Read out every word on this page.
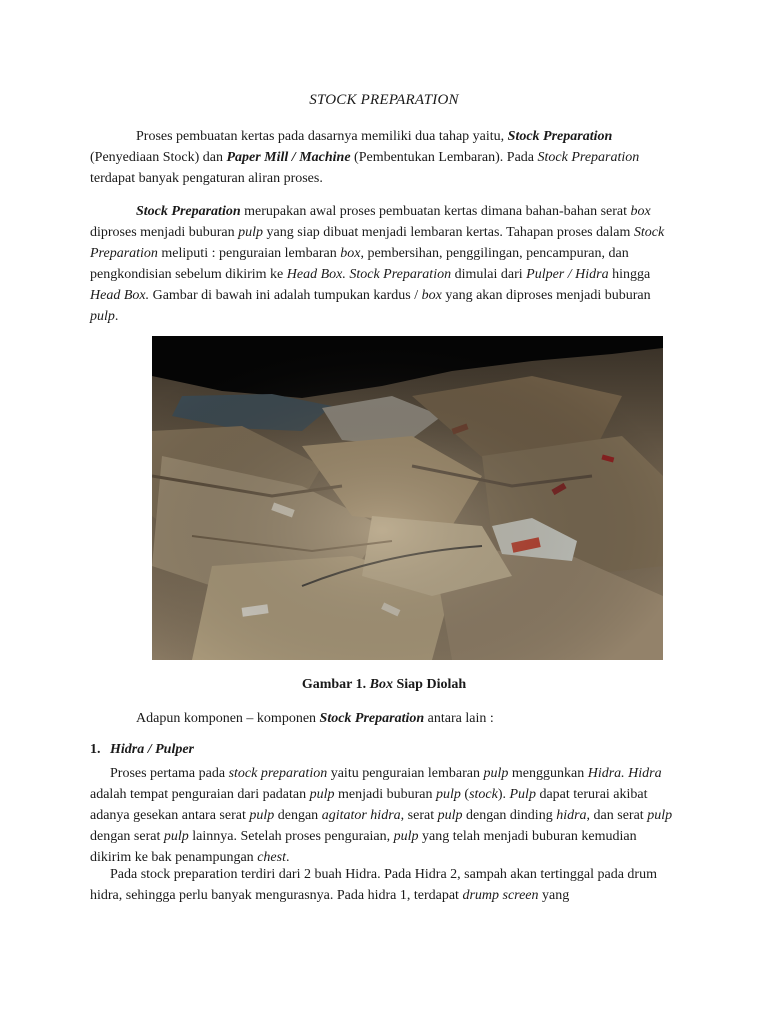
STOCK PREPARATION

Proses pembuatan kertas pada dasarnya memiliki dua tahap yaitu, Stock Preparation (Penyediaan Stock) dan Paper Mill / Machine (Pembentukan Lembaran). Pada Stock Preparation terdapat banyak pengaturan aliran proses.

Stock Preparation merupakan awal proses pembuatan kertas dimana bahan-bahan serat box diproses menjadi buburan pulp yang siap dibuat menjadi lembaran kertas. Tahapan proses dalam Stock Preparation meliputi : penguraian lembaran box, pembersihan, penggilingan, pencampuran, dan pengkondisian sebelum dikirim ke Head Box. Stock Preparation dimulai dari Pulper / Hidra hingga Head Box. Gambar di bawah ini adalah tumpukan kardus / box yang akan diproses menjadi buburan pulp.

Gambar 1. Box Siap Diolah

Adapun komponen – komponen Stock Preparation antara lain :

1. Hidra / Pulper

Proses pertama pada stock preparation yaitu penguraian lembaran pulp menggunkan Hidra. Hidra adalah tempat penguraian dari padatan pulp menjadi buburan pulp (stock). Pulp dapat terurai akibat adanya gesekan antara serat pulp dengan agitator hidra, serat pulp dengan dinding hidra, dan serat pulp dengan serat pulp lainnya. Setelah proses penguraian, pulp yang telah menjadi buburan kemudian dikirim ke bak penampungan chest.

Pada stock preparation terdiri dari 2 buah Hidra. Pada Hidra 2, sampah akan tertinggal pada drum hidra, sehingga perlu banyak mengurasnya. Pada hidra 1, terdapat drump screen yang
